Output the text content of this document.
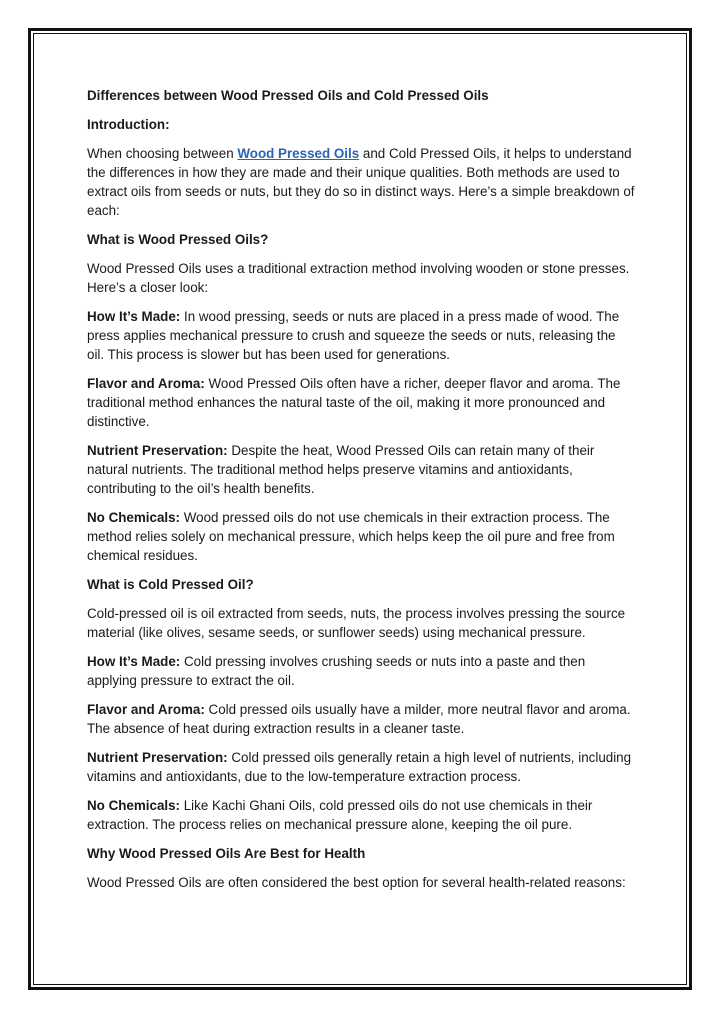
Differences between Wood Pressed Oils and Cold Pressed Oils

Introduction:

When choosing between Wood Pressed Oils and Cold Pressed Oils, it helps to understand the differences in how they are made and their unique qualities. Both methods are used to extract oils from seeds or nuts, but they do so in distinct ways. Here’s a simple breakdown of each:

What is Wood Pressed Oils?

Wood Pressed Oils uses a traditional extraction method involving wooden or stone presses. Here’s a closer look:

How It’s Made: In wood pressing, seeds or nuts are placed in a press made of wood. The press applies mechanical pressure to crush and squeeze the seeds or nuts, releasing the oil. This process is slower but has been used for generations.

Flavor and Aroma: Wood Pressed Oils often have a richer, deeper flavor and aroma. The traditional method enhances the natural taste of the oil, making it more pronounced and distinctive.

Nutrient Preservation: Despite the heat, Wood Pressed Oils can retain many of their natural nutrients. The traditional method helps preserve vitamins and antioxidants, contributing to the oil’s health benefits.

No Chemicals: Wood pressed oils do not use chemicals in their extraction process. The method relies solely on mechanical pressure, which helps keep the oil pure and free from chemical residues.

What is Cold Pressed Oil?

Cold-pressed oil is oil extracted from seeds, nuts, the process involves pressing the source material (like olives, sesame seeds, or sunflower seeds) using mechanical pressure.

How It’s Made: Cold pressing involves crushing seeds or nuts into a paste and then applying pressure to extract the oil.

Flavor and Aroma: Cold pressed oils usually have a milder, more neutral flavor and aroma. The absence of heat during extraction results in a cleaner taste.

Nutrient Preservation: Cold pressed oils generally retain a high level of nutrients, including vitamins and antioxidants, due to the low-temperature extraction process.

No Chemicals: Like Kachi Ghani Oils, cold pressed oils do not use chemicals in their extraction. The process relies on mechanical pressure alone, keeping the oil pure.

Why Wood Pressed Oils Are Best for Health

Wood Pressed Oils are often considered the best option for several health-related reasons:
